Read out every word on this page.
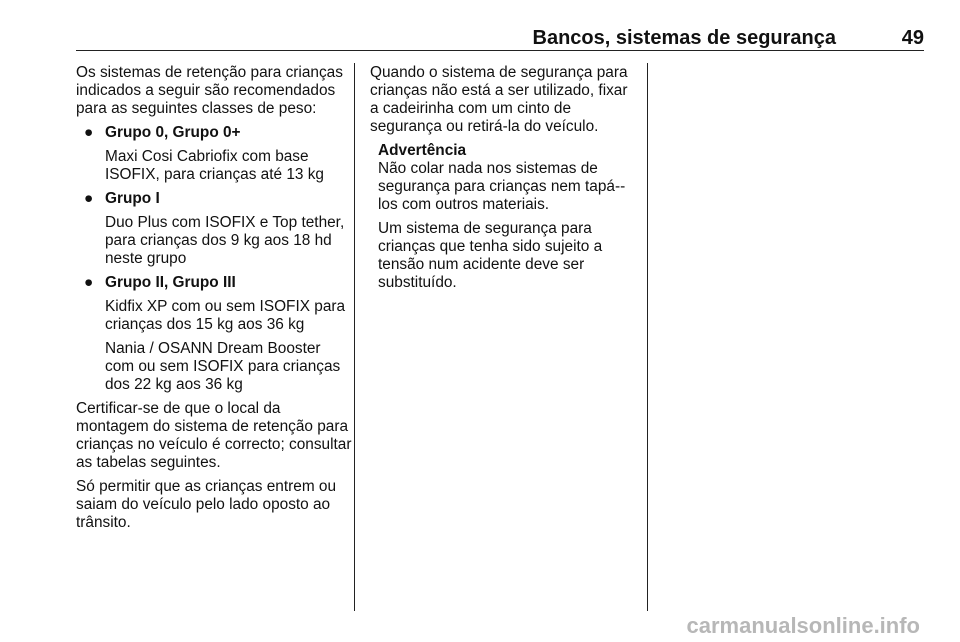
Bancos, sistemas de segurança	49

Os sistemas de retenção para crianças indicados a seguir são recomendados para as seguintes classes de peso:

● Grupo 0, Grupo 0+
Maxi Cosi Cabriofix com base ISOFIX, para crianças até 13 kg
● Grupo I
Duo Plus com ISOFIX e Top tether, para crianças dos 9 kg aos 18 hd neste grupo
● Grupo II, Grupo III
Kidfix XP com ou sem ISOFIX para crianças dos 15 kg aos 36 kg
Nania / OSANN Dream Booster com ou sem ISOFIX para crianças dos 22 kg aos 36 kg

Certificar-se de que o local da montagem do sistema de retenção para crianças no veículo é correcto; consultar as tabelas seguintes.

Só permitir que as crianças entrem ou saiam do veículo pelo lado oposto ao trânsito.

Quando o sistema de segurança para crianças não está a ser utilizado, fixar a cadeirinha com um cinto de segurança ou retirá-la do veículo.

Advertência

Não colar nada nos sistemas de segurança para crianças nem tapá--los com outros materiais.

Um sistema de segurança para crianças que tenha sido sujeito a tensão num acidente deve ser substituído.

carmanualsonline.info
